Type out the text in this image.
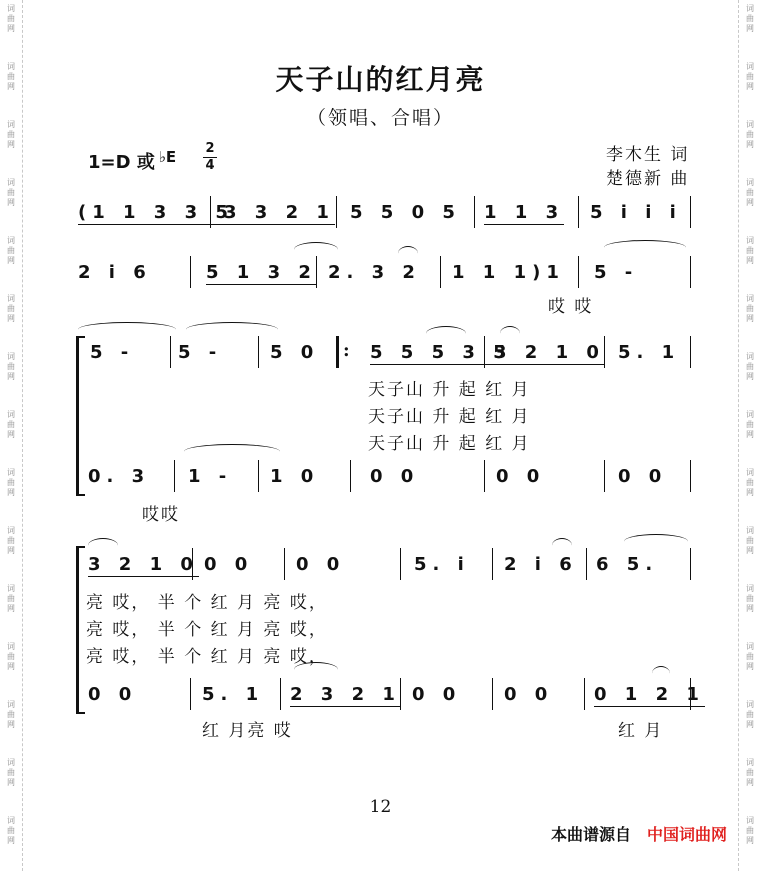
词
曲
网
词
曲
网
词
曲
网
词
曲
网
词
曲
网
词
曲
网
词
曲
网
词
曲
网
词
曲
网
词
曲
网
词
曲
网
词
曲
网
词
曲
网
词
曲
网
词
曲
网
词
曲
网
词
曲
网
词
曲
网
词
曲
网
词
曲
网
词
曲
网
词
曲
网
词
曲
网
词
曲
网
词
曲
网
词
曲
网
词
曲
网
词
曲
网
词
曲
网
词
曲
网
天子山的红月亮
（领唱、合唱）
1=D 或 $^{♭E}$ 2
4
李木生 词
楚德新 曲
(1 1 3 3 5
3 3 2 1 5 5 0 5 1 1 3 5 i i i
2 i 6	5 1 3 2 2. 3 2 1 1 1)1 5 -
哎 哎
5 - 5 -	5 0
:	5 5 5 3 5
3 2 1 0 5. 1
天子山 升 起 红 月
天子山 升 起 红 月
天子山 升 起 红 月
0. 3 1 - 1 0	0 0	0 0	0 0
哎哎
3 2 1 0 0 0 0 0	5. i 2 i 6 6 5.
亮 哎， 半 个 红 月 亮 哎，
亮 哎， 半 个 红 月 亮 哎，
亮 哎， 半 个 红 月 亮 哎，
0 0	5. 1 2 3 2 1 0 0 0 0 0 1 2 1
红 月亮 哎	红 月
12
本曲谱源自 中国词曲网
